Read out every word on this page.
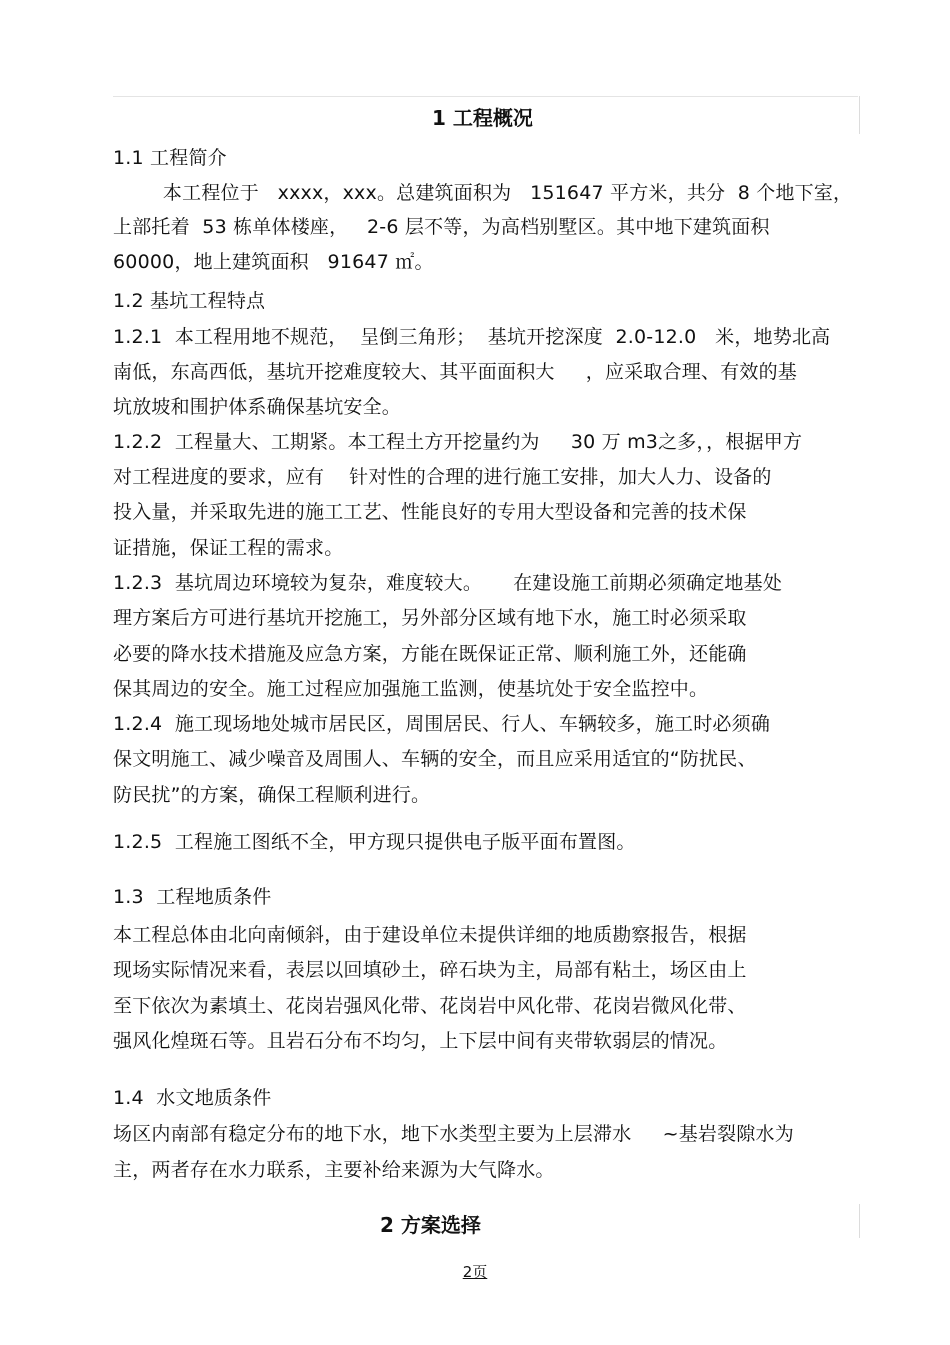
1 工程概况

1.1 工程简介

本工程位于   xxxx，xxx。总建筑面积为   151647 平方米，共分  8 个地下室，

上部托着  53 栋单体楼座，   2-6 层不等，为高档别墅区。其中地下建筑面积

60000，地上建筑面积   91647 ㎡。

1.2 基坑工程特点

1.2.1  本工程用地不规范，  呈倒三角形；  基坑开挖深度  2.0-12.0   米，地势北高

南低，东高西低，基坑开挖难度较大、其平面面积大     ，应采取合理、有效的基

坑放坡和围护体系确保基坑安全。

1.2.2  工程量大、工期紧。本工程土方开挖量约为     30 万 m3之多，，根据甲方

对工程进度的要求，应有    针对性的合理的进行施工安排，加大人力、设备的

投入量，并采取先进的施工工艺、性能良好的专用大型设备和完善的技术保

证措施，保证工程的需求。

1.2.3  基坑周边环境较为复杂，难度较大。     在建设施工前期必须确定地基处

理方案后方可进行基坑开挖施工，另外部分区域有地下水，施工时必须采取

必要的降水技术措施及应急方案，方能在既保证正常、顺利施工外，还能确

保其周边的安全。施工过程应加强施工监测，使基坑处于安全监控中。

1.2.4  施工现场地处城市居民区，周围居民、行人、车辆较多，施工时必须确

保文明施工、减少噪音及周围人、车辆的安全，而且应采用适宜的“防扰民、

防民扰”的方案，确保工程顺利进行。

1.2.5  工程施工图纸不全，甲方现只提供电子版平面布置图。

1.3  工程地质条件

本工程总体由北向南倾斜，由于建设单位未提供详细的地质勘察报告，根据

现场实际情况来看，表层以回填砂土，碎石块为主，局部有粘土，场区由上

至下依次为素填土、花岗岩强风化带、花岗岩中风化带、花岗岩微风化带、

强风化煌斑石等。且岩石分布不均匀，上下层中间有夹带软弱层的情况。

1.4  水文地质条件

场区内南部有稳定分布的地下水，地下水类型主要为上层滞水     ~基岩裂隙水为

主，两者存在水力联系，主要补给来源为大气降水。

2 方案选择
2页
